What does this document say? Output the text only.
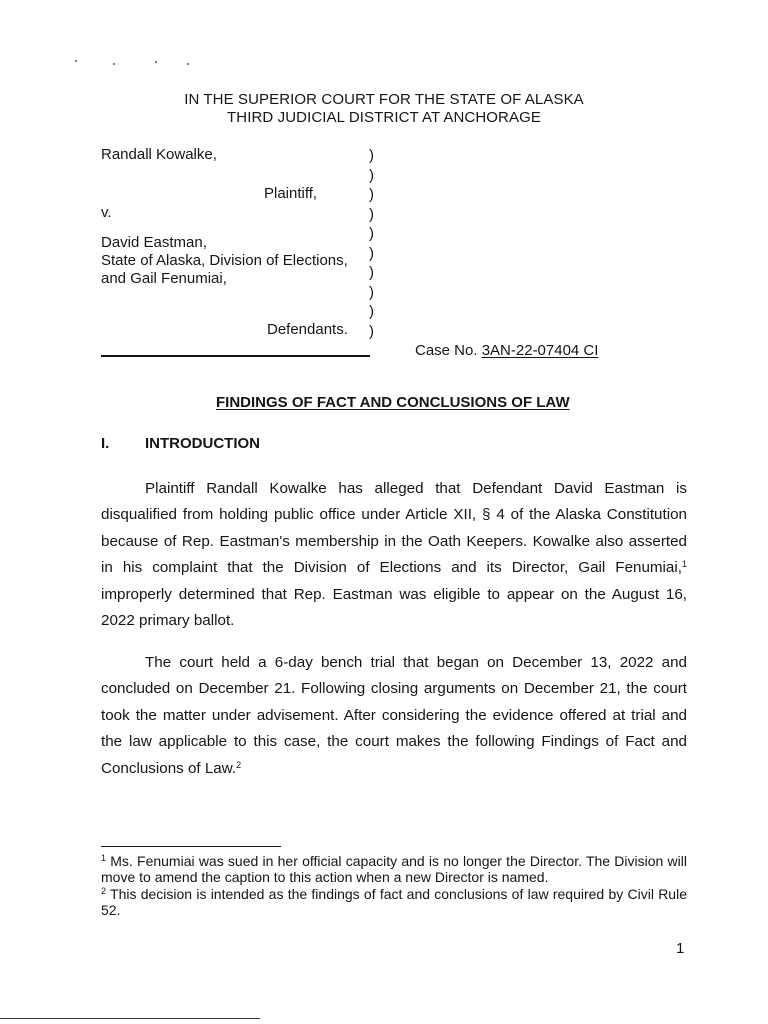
IN THE SUPERIOR COURT FOR THE STATE OF ALASKA
THIRD JUDICIAL DISTRICT AT ANCHORAGE
Randall Kowalke,
Plaintiff,
v.
David Eastman,
State of Alaska, Division of Elections,
and Gail Fenumiai,
Defendants.
)
)
)
)
)
)
)
)
)
)
Case No. 3AN-22-07404 CI
FINDINGS OF FACT AND CONCLUSIONS OF LAW
I. INTRODUCTION
Plaintiff Randall Kowalke has alleged that Defendant David Eastman is disqualified from holding public office under Article XII, § 4 of the Alaska Constitution because of Rep. Eastman's membership in the Oath Keepers. Kowalke also asserted in his complaint that the Division of Elections and its Director, Gail Fenumiai,$^1$ improperly determined that Rep. Eastman was eligible to appear on the August 16, 2022 primary ballot.
The court held a 6-day bench trial that began on December 13, 2022 and concluded on December 21. Following closing arguments on December 21, the court took the matter under advisement. After considering the evidence offered at trial and the law applicable to this case, the court makes the following Findings of Fact and Conclusions of Law.$^2$

$^1$ Ms. Fenumiai was sued in her official capacity and is no longer the Director. The Division will move to amend the caption to this action when a new Director is named.

$^2$ This decision is intended as the findings of fact and conclusions of law required by Civil Rule 52.

1
